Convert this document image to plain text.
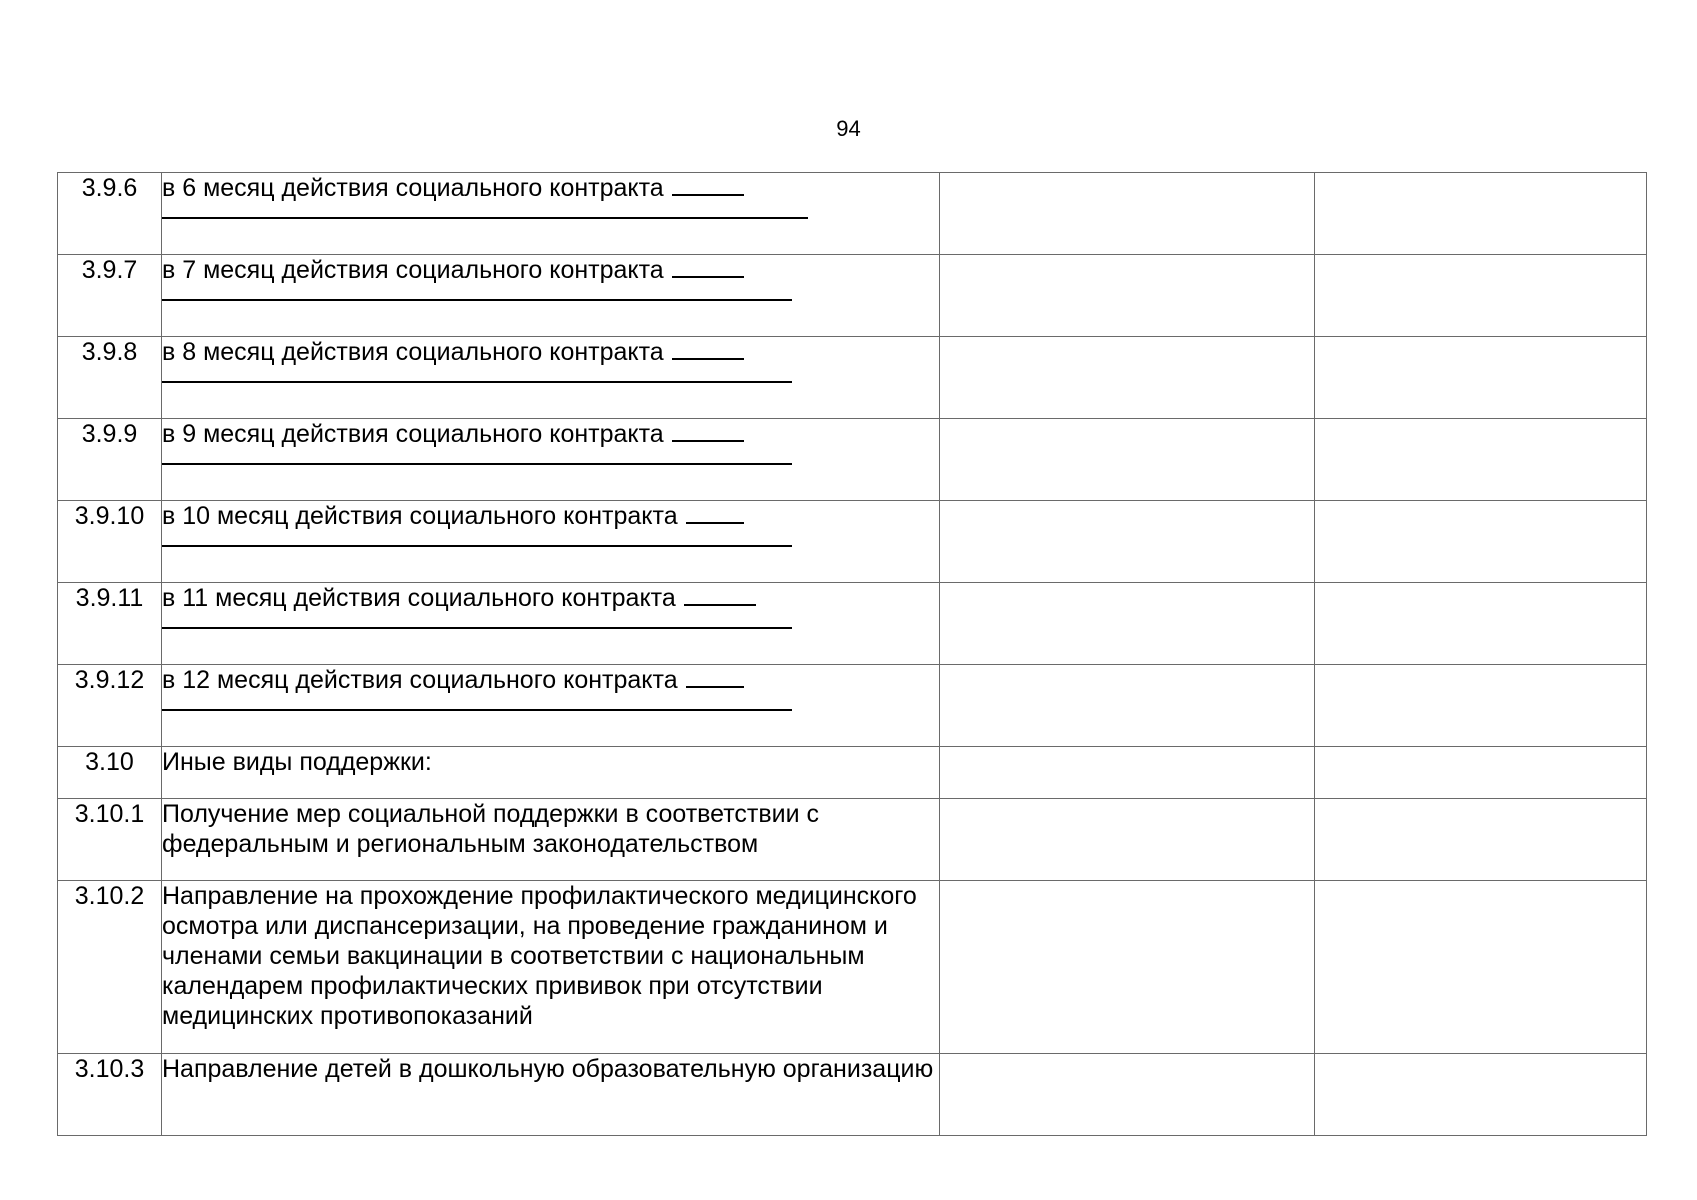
94
3.9.6	в 6 месяц действия социального контракта

3.9.7	в 7 месяц действия социального контракта

3.9.8	в 8 месяц действия социального контракта

3.9.9	в 9 месяц действия социального контракта

3.9.10	в 10 месяц действия социального контракта

3.9.11	в 11 месяц действия социального контракта

3.9.12	в 12 месяц действия социального контракта

3.10	Иные виды поддержки:		
3.10.1	Получение мер социальной поддержки в соответствии с федеральным и региональным законодательством		
3.10.2	Направление на прохождение профилактического медицинского осмотра или диспансеризации, на проведение гражданином и членами семьи вакцинации в соответствии с национальным календарем профилактических прививок при отсутствии медицинских противопоказаний		
3.10.3	Направление детей в дошкольную образовательную организацию		
